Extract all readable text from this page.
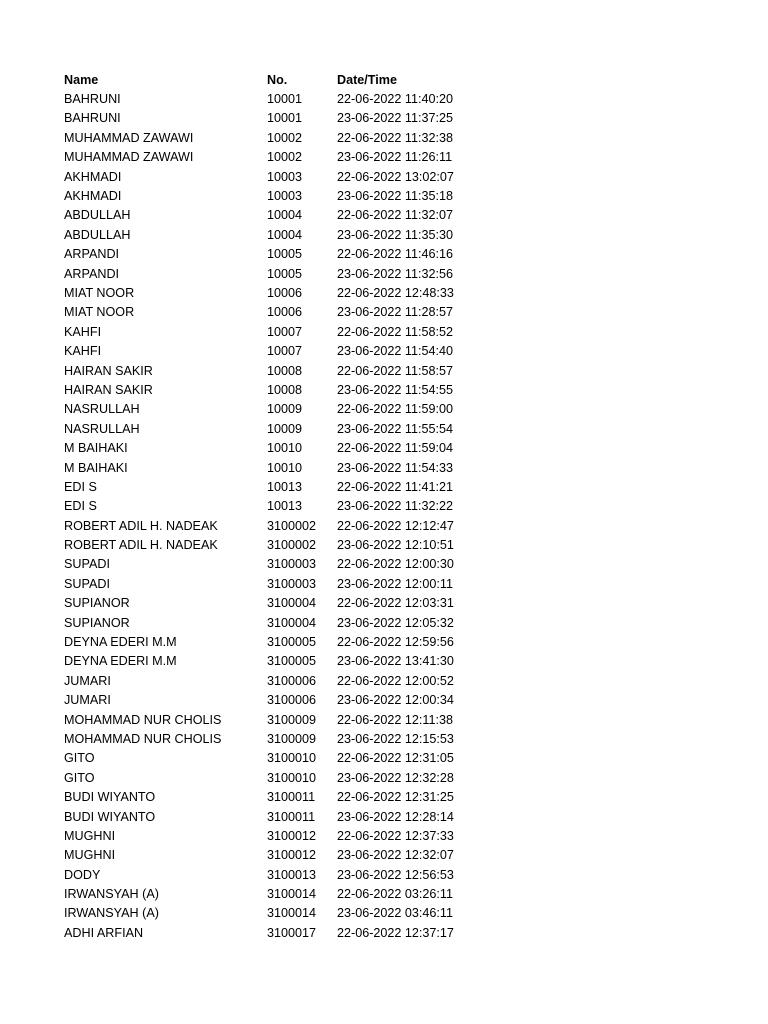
Name	No.	Date/Time
BAHRUNI	10001	22-06-2022 11:40:20
BAHRUNI	10001	23-06-2022 11:37:25
MUHAMMAD ZAWAWI	10002	22-06-2022 11:32:38
MUHAMMAD ZAWAWI	10002	23-06-2022 11:26:11
AKHMADI	10003	22-06-2022 13:02:07
AKHMADI	10003	23-06-2022 11:35:18
ABDULLAH	10004	22-06-2022 11:32:07
ABDULLAH	10004	23-06-2022 11:35:30
ARPANDI	10005	22-06-2022 11:46:16
ARPANDI	10005	23-06-2022 11:32:56
MIAT NOOR	10006	22-06-2022 12:48:33
MIAT NOOR	10006	23-06-2022 11:28:57
KAHFI	10007	22-06-2022 11:58:52
KAHFI	10007	23-06-2022 11:54:40
HAIRAN SAKIR	10008	22-06-2022 11:58:57
HAIRAN SAKIR	10008	23-06-2022 11:54:55
NASRULLAH	10009	22-06-2022 11:59:00
NASRULLAH	10009	23-06-2022 11:55:54
M BAIHAKI	10010	22-06-2022 11:59:04
M BAIHAKI	10010	23-06-2022 11:54:33
EDI S	10013	22-06-2022 11:41:21
EDI S	10013	23-06-2022 11:32:22
ROBERT ADIL H. NADEAK	3100002	22-06-2022 12:12:47
ROBERT ADIL H. NADEAK	3100002	23-06-2022 12:10:51
SUPADI	3100003	22-06-2022 12:00:30
SUPADI	3100003	23-06-2022 12:00:11
SUPIANOR	3100004	22-06-2022 12:03:31
SUPIANOR	3100004	23-06-2022 12:05:32
DEYNA EDERI M.M	3100005	22-06-2022 12:59:56
DEYNA EDERI M.M	3100005	23-06-2022 13:41:30
JUMARI	3100006	22-06-2022 12:00:52
JUMARI	3100006	23-06-2022 12:00:34
MOHAMMAD NUR CHOLIS	3100009	22-06-2022 12:11:38
MOHAMMAD NUR CHOLIS	3100009	23-06-2022 12:15:53
GITO	3100010	22-06-2022 12:31:05
GITO	3100010	23-06-2022 12:32:28
BUDI WIYANTO	3100011	22-06-2022 12:31:25
BUDI WIYANTO	3100011	23-06-2022 12:28:14
MUGHNI	3100012	22-06-2022 12:37:33
MUGHNI	3100012	23-06-2022 12:32:07
DODY	3100013	23-06-2022 12:56:53
IRWANSYAH (A)	3100014	22-06-2022 03:26:11
IRWANSYAH (A)	3100014	23-06-2022 03:46:11
ADHI ARFIAN	3100017	22-06-2022 12:37:17
